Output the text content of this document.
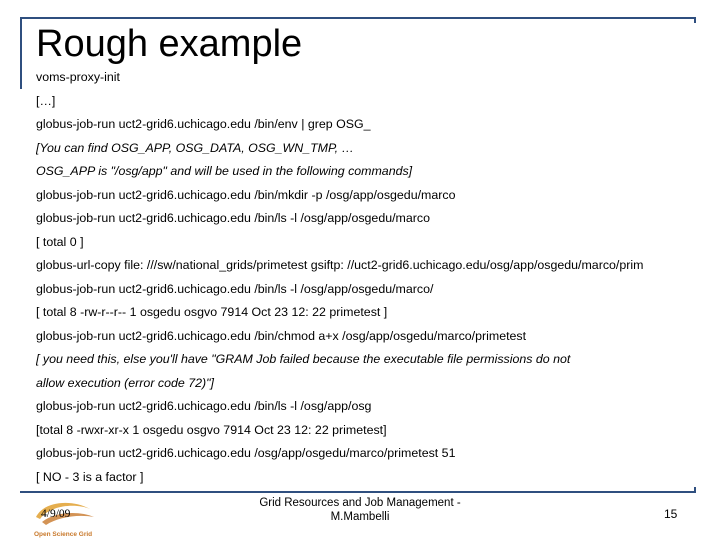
Rough example
voms-proxy-init
[…]
globus-job-run uct2-grid6.uchicago.edu /bin/env | grep OSG_
[You can find OSG_APP, OSG_DATA, OSG_WN_TMP, …
OSG_APP is "/osg/app" and will be used in the following commands]
globus-job-run uct2-grid6.uchicago.edu /bin/mkdir -p /osg/app/osgedu/marco
globus-job-run uct2-grid6.uchicago.edu /bin/ls -l /osg/app/osgedu/marco
[ total 0 ]
globus-url-copy file: ///sw/national_grids/primetest gsiftp: //uct2-grid6.uchicago.edu/osg/app/osgedu/marco/prim
globus-job-run uct2-grid6.uchicago.edu /bin/ls -l /osg/app/osgedu/marco/
[ total 8 -rw-r--r-- 1 osgedu osgvo 7914 Oct 23 12: 22 primetest ]
globus-job-run uct2-grid6.uchicago.edu /bin/chmod a+x /osg/app/osgedu/marco/primetest
[ you need this, else you'll have "GRAM Job failed because the executable file permissions do not
allow execution (error code 72)"]
globus-job-run uct2-grid6.uchicago.edu /bin/ls -l /osg/app/osg
[total 8 -rwxr-xr-x 1 osgedu osgvo 7914 Oct 23 12: 22 primetest]
globus-job-run uct2-grid6.uchicago.edu /osg/app/osgedu/marco/primetest 51
[ NO - 3 is a factor ]
Open Science Grid
4/9/09
Grid Resources and Job Management -
M.Mambelli	15
